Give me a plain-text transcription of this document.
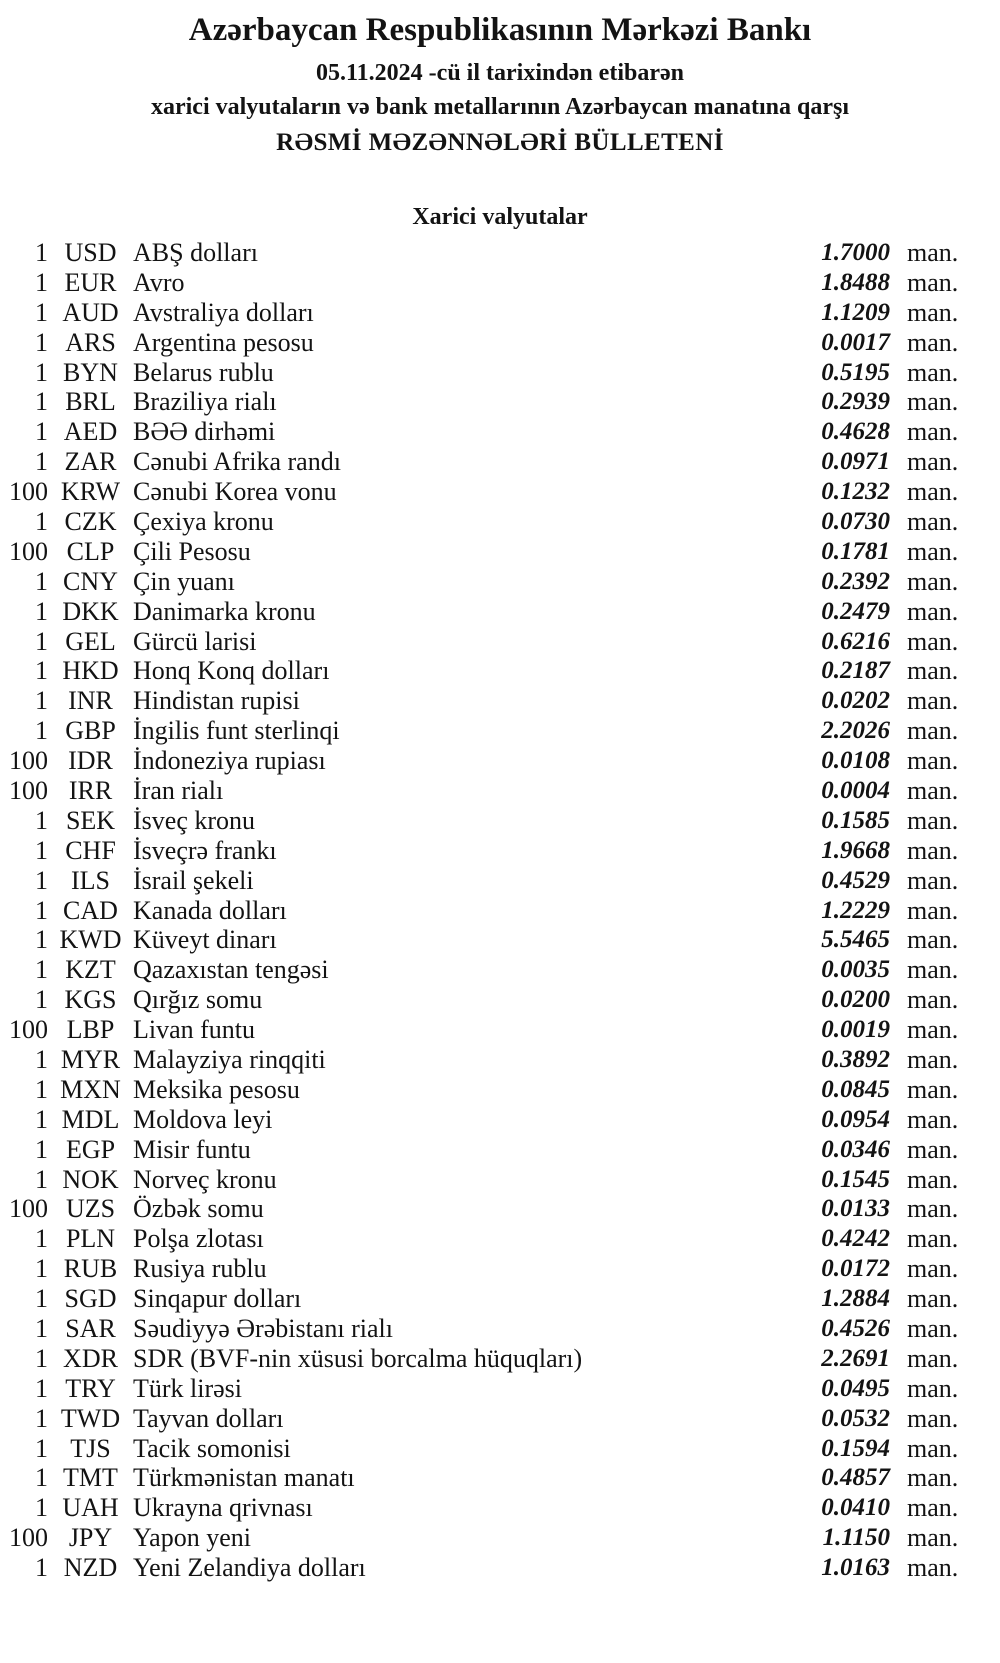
Azərbaycan Respublikasının Mərkəzi Bankı
05.11.2024 -cü il tarixindən etibarən
xarici valyutaların və bank metallarının Azərbaycan manatına qarşı
RƏSMİ MƏZƏNNƏLƏRİ BÜLLETENİ
Xarici valyutalar
1 USD ABŞ dolları	1.7000 man.
1 EUR Avro	1.8488 man.
1 AUD Avstraliya dolları	1.1209 man.
1 ARS Argentina pesosu	0.0017 man.
1 BYN Belarus rublu	0.5195 man.
1 BRL Braziliya rialı	0.2939 man.
1 AED BƏƏ dirhəmi	0.4628 man.
1 ZAR Cənubi Afrika randı	0.0971 man.
100 KRW Cənubi Korea vonu	0.1232 man.
1 CZK Çexiya kronu	0.0730 man.
100 CLP Çili Pesosu	0.1781 man.
1 CNY Çin yuanı	0.2392 man.
1 DKK Danimarka kronu	0.2479 man.
1 GEL Gürcü larisi	0.6216 man.
1 HKD Honq Konq dolları	0.2187 man.
1 INR Hindistan rupisi	0.0202 man.
1 GBP İngilis funt sterlinqi	2.2026 man.
100 IDR İndoneziya rupiası	0.0108 man.
100 IRR İran rialı	0.0004 man.
1 SEK İsveç kronu	0.1585 man.
1 CHF İsveçrə frankı	1.9668 man.
1 ILS İsrail şekeli	0.4529 man.
1 CAD Kanada dolları	1.2229 man.
1 KWD Küveyt dinarı	5.5465 man.
1 KZT Qazaxıstan tengəsi	0.0035 man.
1 KGS Qırğız somu	0.0200 man.
100 LBP Livan funtu	0.0019 man.
1 MYR Malayziya rinqqiti	0.3892 man.
1 MXN Meksika pesosu	0.0845 man.
1 MDL Moldova leyi	0.0954 man.
1 EGP Misir funtu	0.0346 man.
1 NOK Norveç kronu	0.1545 man.
100 UZS Özbək somu	0.0133 man.
1 PLN Polşa zlotası	0.4242 man.
1 RUB Rusiya rublu	0.0172 man.
1 SGD Sinqapur dolları	1.2884 man.
1 SAR Səudiyyə Ərəbistanı rialı	0.4526 man.
1 XDR SDR (BVF-nin xüsusi borcalma hüquqları)	2.2691 man.
1 TRY Türk lirəsi	0.0495 man.
1 TWD Tayvan dolları	0.0532 man.
1 TJS Tacik somonisi	0.1594 man.
1 TMT Türkmənistan manatı	0.4857 man.
1 UAH Ukrayna qrivnası	0.0410 man.
100 JPY Yapon yeni	1.1150 man.
1 NZD Yeni Zelandiya dolları	1.0163 man.
